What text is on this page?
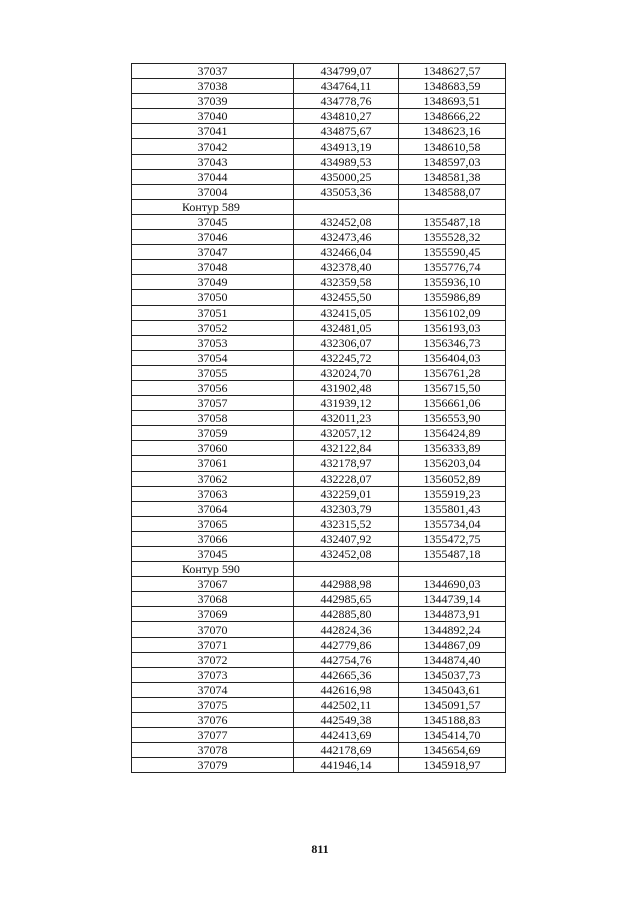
37037	434799,07	1348627,57
37038	434764,11	1348683,59
37039	434778,76	1348693,51
37040	434810,27	1348666,22
37041	434875,67	1348623,16
37042	434913,19	1348610,58
37043	434989,53	1348597,03
37044	435000,25	1348581,38
37004	435053,36	1348588,07
Контур 589		
37045	432452,08	1355487,18
37046	432473,46	1355528,32
37047	432466,04	1355590,45
37048	432378,40	1355776,74
37049	432359,58	1355936,10
37050	432455,50	1355986,89
37051	432415,05	1356102,09
37052	432481,05	1356193,03
37053	432306,07	1356346,73
37054	432245,72	1356404,03
37055	432024,70	1356761,28
37056	431902,48	1356715,50
37057	431939,12	1356661,06
37058	432011,23	1356553,90
37059	432057,12	1356424,89
37060	432122,84	1356333,89
37061	432178,97	1356203,04
37062	432228,07	1356052,89
37063	432259,01	1355919,23
37064	432303,79	1355801,43
37065	432315,52	1355734,04
37066	432407,92	1355472,75
37045	432452,08	1355487,18
Контур 590		
37067	442988,98	1344690,03
37068	442985,65	1344739,14
37069	442885,80	1344873,91
37070	442824,36	1344892,24
37071	442779,86	1344867,09
37072	442754,76	1344874,40
37073	442665,36	1345037,73
37074	442616,98	1345043,61
37075	442502,11	1345091,57
37076	442549,38	1345188,83
37077	442413,69	1345414,70
37078	442178,69	1345654,69
37079	441946,14	1345918,97
811
